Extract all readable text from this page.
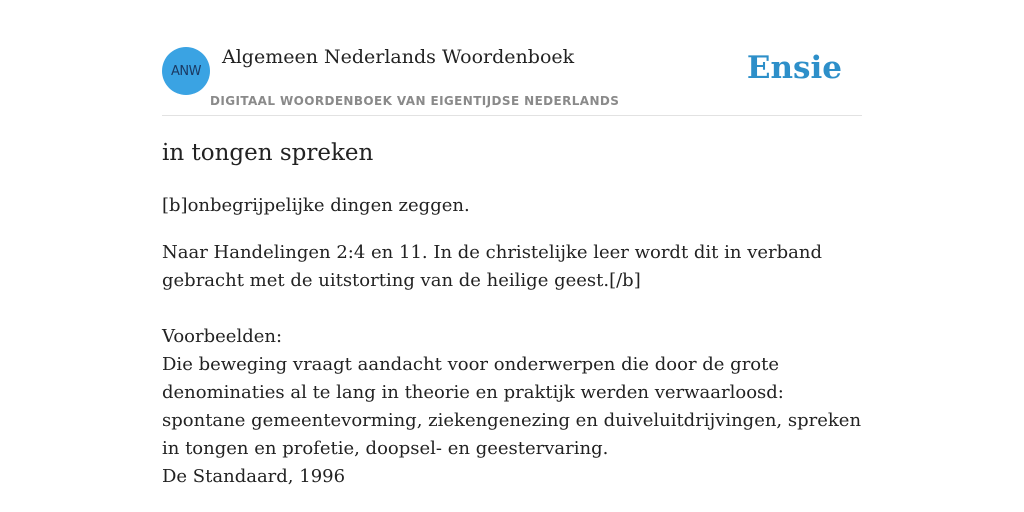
ANW
Algemeen Nederlands Woordenboek
DIGITAAL WOORDENBOEK VAN EIGENTIJDSE NEDERLANDS
Ensie
in tongen spreken
[b]onbegrijpelijke dingen zeggen.
Naar Handelingen 2:4 en 11. In de christelijke leer wordt dit in verband gebracht met de uitstorting van de heilige geest.[/b]
Voorbeelden:
Die beweging vraagt aandacht voor onderwerpen die door de grote denominaties al te lang in theorie en praktijk werden verwaarloosd: spontane gemeentevorming, ziekengenezing en duiveluitdrijvingen, spreken in tongen en profetie, doopsel- en geestervaring.
De Standaard, 1996
